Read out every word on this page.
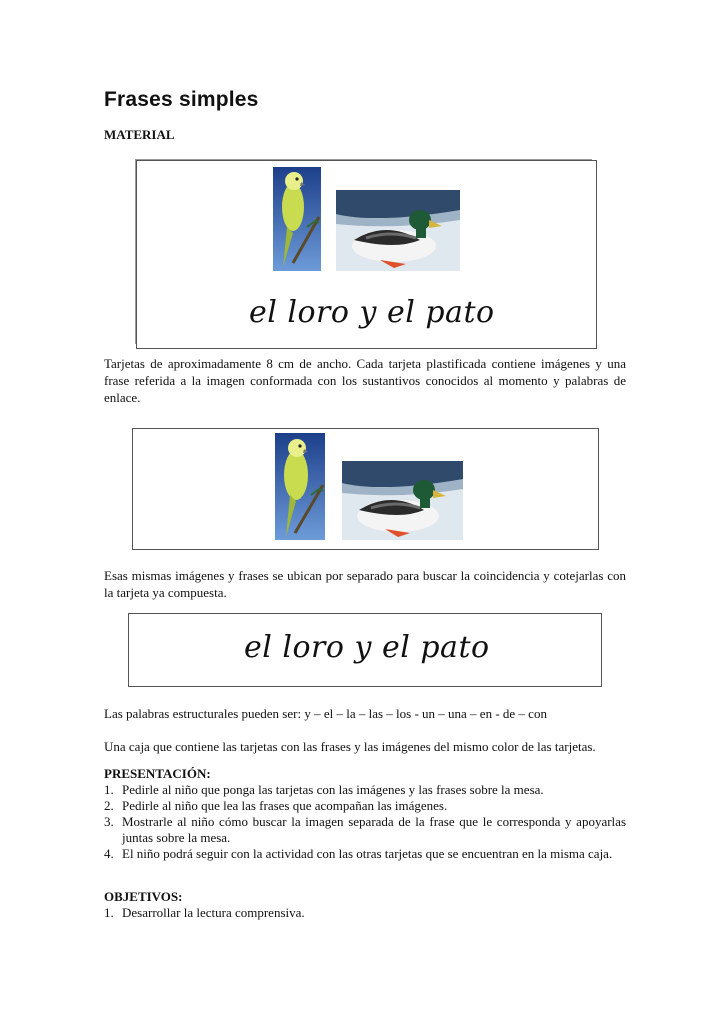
Frases simples
MATERIAL
el loro y el pato
Tarjetas de aproximadamente 8 cm de ancho. Cada tarjeta plastificada contiene imágenes y una frase referida a la imagen conformada con los sustantivos conocidos al momento y palabras de enlace.
Esas mismas imágenes y frases se ubican por separado para buscar la coincidencia y cotejarlas con la tarjeta ya compuesta.
el loro y el pato
Las palabras estructurales pueden ser: y – el – la – las – los - un – una – en - de – con
Una caja que contiene las tarjetas con las frases y las imágenes del mismo color de las tarjetas.
PRESENTACIÓN:
1. Pedirle al niño que ponga las tarjetas con las imágenes y las frases sobre la mesa.
2. Pedirle al niño que lea las frases que acompañan las imágenes.
3. Mostrarle al niño cómo buscar la imagen separada de la frase que le corresponda y apoyarlas juntas sobre la mesa.
4. El niño podrá seguir con la actividad con las otras tarjetas que se encuentran en la misma caja.
OBJETIVOS:
1. Desarrollar la lectura comprensiva.
